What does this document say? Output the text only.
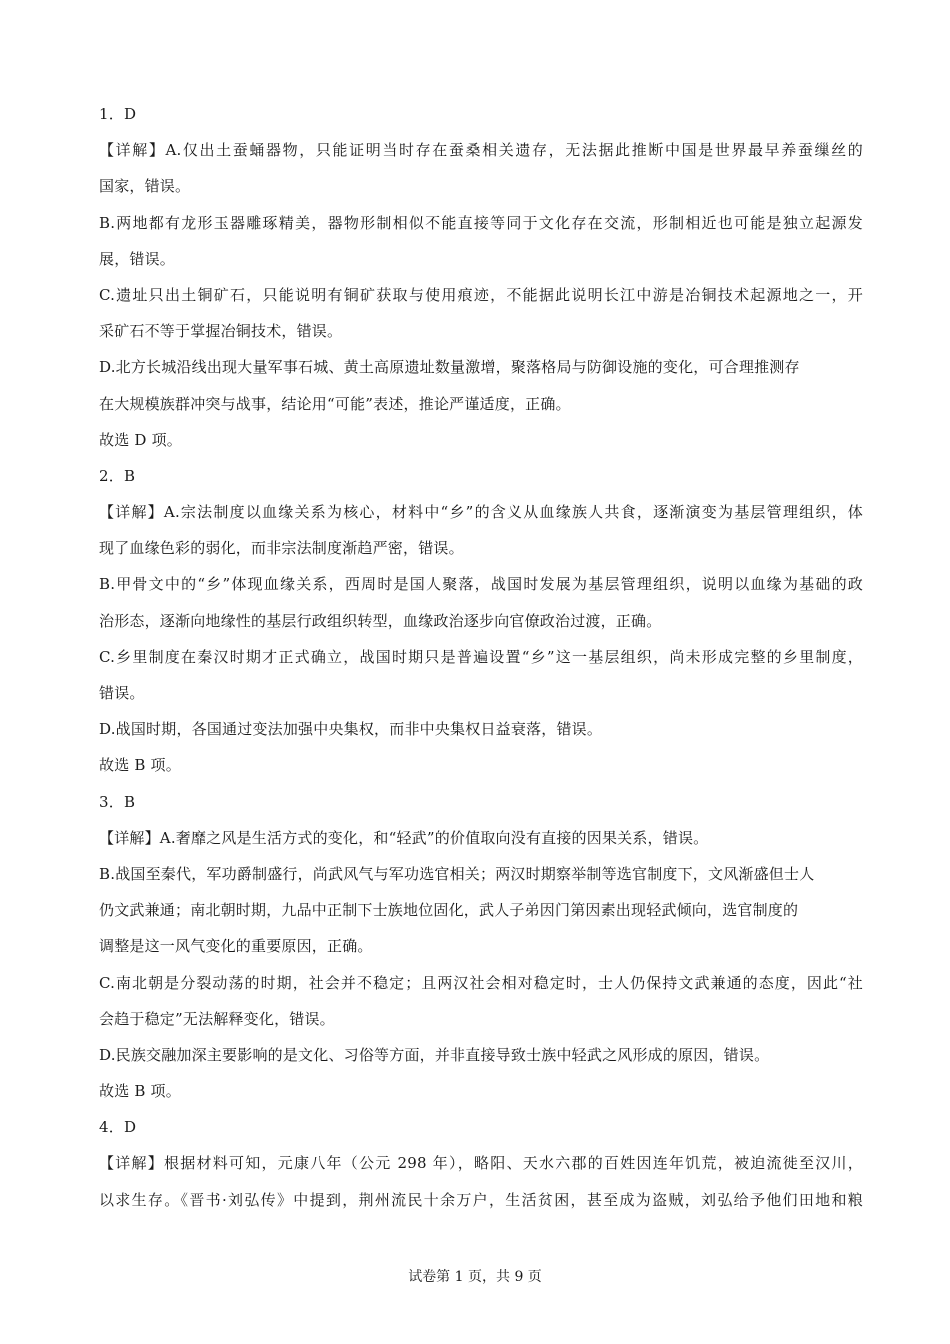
1．D
【详解】A.仅出土蚕蛹器物，只能证明当时存在蚕桑相关遗存，无法据此推断中国是世界最早养蚕缫丝的
国家，错误。
B.两地都有龙形玉器雕琢精美，器物形制相似不能直接等同于文化存在交流，形制相近也可能是独立起源发
展，错误。
C.遗址只出土铜矿石，只能说明有铜矿获取与使用痕迹，不能据此说明长江中游是冶铜技术起源地之一，开
采矿石不等于掌握冶铜技术，错误。
D.北方长城沿线出现大量军事石城、黄土高原遗址数量激增，聚落格局与防御设施的变化，可合理推测存
在大规模族群冲突与战事，结论用“可能”表述，推论严谨适度，正确。
故选 D 项。
2．B
【详解】A.宗法制度以血缘关系为核心，材料中“乡”的含义从血缘族人共食，逐渐演变为基层管理组织，体
现了血缘色彩的弱化，而非宗法制度渐趋严密，错误。
B.甲骨文中的“乡”体现血缘关系，西周时是国人聚落，战国时发展为基层管理组织，说明以血缘为基础的政
治形态，逐渐向地缘性的基层行政组织转型，血缘政治逐步向官僚政治过渡，正确。
C.乡里制度在秦汉时期才正式确立，战国时期只是普遍设置“乡”这一基层组织，尚未形成完整的乡里制度，
错误。
D.战国时期，各国通过变法加强中央集权，而非中央集权日益衰落，错误。
故选 B 项。
3．B
【详解】A.奢靡之风是生活方式的变化，和“轻武”的价值取向没有直接的因果关系，错误。
B.战国至秦代，军功爵制盛行，尚武风气与军功选官相关；两汉时期察举制等选官制度下，文风渐盛但士人
仍文武兼通；南北朝时期，九品中正制下士族地位固化，武人子弟因门第因素出现轻武倾向，选官制度的
调整是这一风气变化的重要原因，正确。
C.南北朝是分裂动荡的时期，社会并不稳定；且两汉社会相对稳定时，士人仍保持文武兼通的态度，因此“社
会趋于稳定”无法解释变化，错误。
D.民族交融加深主要影响的是文化、习俗等方面，并非直接导致士族中轻武之风形成的原因，错误。
故选 B 项。
4．D
【详解】根据材料可知，元康八年（公元 298 年），略阳、天水六郡的百姓因连年饥荒，被迫流徙至汉川，
以求生存。《晋书·刘弘传》中提到，荆州流民十余万户，生活贫困，甚至成为盗贼，刘弘给予他们田地和粮
试卷第 1 页，共 9 页
